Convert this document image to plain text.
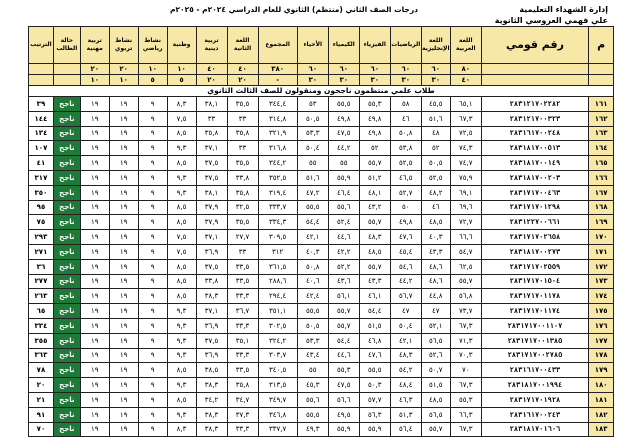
إدارة الشهداء التعليمية
علي فهمي العروسي الثانوية
درجات الصف الثاني (منتظم) الثانوي للعام الدراسي ٢٠٢٤م - ٢٠٢٥م
م	رقم قومي	اللغة العربية	اللغة الإنجليزية	الرياضيات	الفيزياء	الكيمياء	الأحياء	المجموع	اللغة الثانية	تربية دينية	وطنية	نشاط رياضي	نشاط تربوي	تربية مهنية	حالة الطالب	الترتيب
		٨٠	٦٠	٦٠	٦٠	٦٠	٦٠	٣٨٠	٤٠	٤٠	١٠	١٠	٢٠	٢٠		
		٤٠	٣٠	٣٠	٣٠	٣٠	٣٠	-	٢٠	٢٠	٥	٥	١٠	١٠		
طلاب علمي منتظمون ناجحون ومنقولون للصف الثالث الثانوي																
١٦١	٢٨٣١٢١٧٠٢٢٨٢	٦٥,١	٤٥,٥	٥٨	٥٥,٣	٥٥,٥	٥٣	٣٤٤,٤	٣٥,٥	٣٨,١	٨,٣	٩	١٩	١٩	ناجح	٣٩
١٦٢	٢٨٣١٢١٧٠٠٣٢٣	٦٧,٣	٥١,٦	٤٦	٤٩,٨	٤٩,٨	٥٠,٥	٣١٤,٨	٣٣	٣٣	٧,٥	٩	١٩	١٩	ناجح	١٤٤
١٦٣	٢٨٣١٦١٧٠٠٢٤٨	٧٢,٥	٤٨	٥٠,٨	٤٩,٨	٤٧,٥	٥٣,٣	٣٢١,٩	٣٥,٨	٣٥,٨	٨,٥	٩	١٩	١٩	ناجح	١٣٤
١٦٤	٢٨٣١٨١٧٠٠٥١٣	٧٤,٣	٥٢	٥٣,٨	٥٢	٤٤,٢	٥٠,٤	٣١٦,٨	٣٣	٣٧,١	٩,٣	٩	١٩	١٩	ناجح	١٠٧
١٦٥	٢٨٣١٨١٧٠٠١٤٩	٧٤,٧	٥٠,٥	٥٢,٥	٥٥,٧	٥٥	٥٥	٣٤٤,٢	٣٥,٥	٣٧,٥	٨,٥	٩	١٩	١٩	ناجح	٤١
١٦٦	٢٨٣١٨١٧٠٠٢٠٣	٧٥,٩	٥٢,٥	٤٦,٥	٥١,٢	٥٥,٩	٥١,٦	٣٥٢,٥	٣٣,٨	٣٧,٥	٩,٣	٩	١٩	١٩	ناجح	٣١٧
١٦٧	٢٨٣١٧١٧٠٠٤٦٣	٦٩,١	٤٨,٢	٥٢,٧	٤٨,١	٤٦,٤	٤٧,٢	٣١٩,٤	٣٥,٨	٣٨,١	٩,٣	٩	١٩	١٩	ناجح	٣٥٠
١٦٨	٢٨٣١٧١٧٠١٢٩٨	٦٩,٦	٤٦	٥٠	٤٣,٢	٥٥,٦	٥٥,٥	٣٣٣,٧	٣٢,٥	٣٧,٩	٨,٥	٩	١٩	١٩	ناجح	٩٥
١٦٩	٢٨٣١٢٢٧٠٠٦٦١	٧٢,٧	٤٨,٥	٤٩,٨	٥٥,٧	٥٢,٤	٥٤,٤	٣٣٤,٣	٣٥,٥	٣٧,٩	٨,٥	٩	١٩	١٩	ناجح	٧٥
١٧٠	٢٨٣١٧١٧٠٢٦٥٨	٦٦,٦	٤٠,٣	٤٧,٦	٤٨,٣	٤٤,٦	٤٢,١	٣٠٩,٥	٢٧,٧	٣٧,١	٧,٥	٩	١٩	١٩	ناجح	٢٩٣
١٧١	٢٨٣١٨١٧٠٠٢٧٣	٥٤,٧	٤٣,٣	٤٥,٤	٤٨,٥	٤٢,٢	٤٠,٣	٣١٢	٣٣	٣٦,٩	٧,٥	٩	١٩	١٩	ناجح	٢٧١
١٧٢	٢٨٣١٧١٧٠٢٥٥٩	٦٢,٥	٤٨,٦	٥٤,٦	٥٥,٧	٥٢,٢	٥٠,٨	٣٦١,٥	٣٣,٥	٣٧,٥	٨,٥	٩	١٩	١٩	ناجح	٣٦
١٧٣	٢٨٣١٧١٧٠١٥٠٤	٥٥,٧	٤٨,٦	٤٤,٢	٤٣,٣	٤٣,٦	٤٠,٦	٢٨٨,٦	٣٣,٥	٣٣,٨	٨,٥	٩	١٩	١٩	ناجح	٢٧٧
١٧٤	٢٨٣١٧١٧٠١١٧٨	٥٦,٨	٤٤,٨	٥٦,٧	٤٦,١	٥٦,١	٤٢,٤	٢٩٤,٤	٣٣,٣	٣٨,٣	٨,٥	٩	١٩	١٩	ناجح	٢٦٣
١٧٥	٢٨٣١٧١٧٠١١٧٤	٧٣,٧	٤٧	٤٧	٥٤,٤	٥٥,٧	٥٥,٥	٣٥١,١	٣٦,٧	٣٧,١	٩,٣	٩	١٩	١٩	ناجح	٦٥
١٧٦	٢٨٣١٧١٧٠٠١١٠٧	٦٧,٣	٥٢,١	٥٠,٤	٥١,٥	٥٥,٧	٥٠,٥	٣٠٢,٥	٣٣,٣	٣٦,٩	٩,٣	٩	١٩	١٩	ناجح	٣٣٤
١٧٧	٢٨٣١٧١٧٠٠١٣٨٥	٧١,٣	٥٦,٥	٤٢,١	٤٦,٨	٥٤,٤	٥٣,٣	٣٢٤,٢	٣٥,١	٣٧,٥	٩,٣	٩	١٩	١٩	ناجح	٣٥٥
١٧٨	٢٨٣١٧١٧٠٠٢٧٨٥	٧٠,٣	٥٢,٦	٤٨,٣	٤٧,٦	٤٤,٦	٤٣,٤	٣٠٣,٧	٣٣,٣	٣٦,٩	٩,٣	٩	١٩	١٩	ناجح	٣٦٣
١٧٩	٢٨٣١٦١٧٠٠٤٣٣	٧٠	٥٠,٧	٥٤,٢	٥٥,٥	٥٥,٣	٥٥	٣٤٠,٥	٣٣,٥	٣٨,٥	٨,٥	٩	١٩	١٩	ناجح	٧٨
١٨٠	٢٨٣١٨١٧٠٠١٩٩٤	٦٧,٣	٥١,٥	٤٨,٤	٥٠,٣	٤٧,٥	٤٥,٣	٣١٣,٥	٣٥,٨	٣٨,٣	٩,٣	٩	١٩	١٩	ناجح	٢٠
١٨١	٢٨٣١٧١٧٠١٩٢٨	٥٥,٣	٤٨,٥	٤٦,٣	٥٧,٧	٥٦,٦	٥٥,٦	٣٤٩,٧	٣٤,٧	٣٤,٢	٨,٥	٩	١٩	١٩	ناجح	٢١
١٨٢	٢٨٣١٦١٧٠٠٢٤٣	٦٦,٣	٥٦,٥	٥١,٣	٥٦,٣	٤٩,٥	٥٥,٥	٣٤٦,٨	٣٧,٣	٣٨,٣	٩,٣	٩	١٩	١٩	ناجح	٩١
١٨٣	٢٨٣١٨١٧٠١٦٠٦	٦٧,٣	٥٥,٧	٥٦,٤	٥٥,٩	٥٥,٩	٤٩,٣	٣٣٧,٧	٣٣,٣	٣٨,٣	٨,٣	٩	١٩	١٩	ناجح	٧٠
